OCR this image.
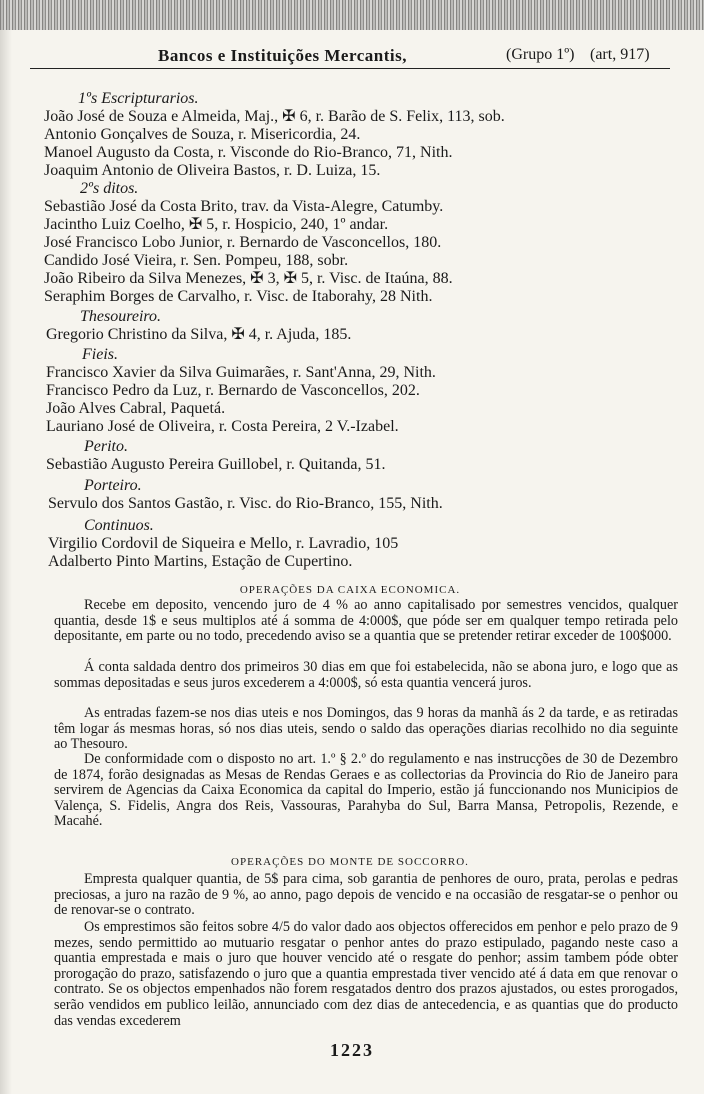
Bancos e Instituições Mercantis,	(Grupo 1º) (art, 917)
1ºs Escripturarios.
João José de Souza e Almeida, Maj., ✠ 6, r. Barão de S. Felix, 113, sob.
Antonio Gonçalves de Souza, r. Misericordia, 24.
Manoel Augusto da Costa, r. Visconde do Rio-Branco, 71, Nith.
Joaquim Antonio de Oliveira Bastos, r. D. Luiza, 15.
2ºs ditos.
Sebastião José da Costa Brito, trav. da Vista-Alegre, Catumby.
Jacintho Luiz Coelho, ✠ 5, r. Hospicio, 240, 1º andar.
José Francisco Lobo Junior, r. Bernardo de Vasconcellos, 180.
Candido José Vieira, r. Sen. Pompeu, 188, sobr.
João Ribeiro da Silva Menezes, ✠ 3, ✠ 5, r. Visc. de Itaúna, 88.
Seraphim Borges de Carvalho, r. Visc. de Itaborahy, 28 Nith.
Thesoureiro.
Gregorio Christino da Silva, ✠ 4, r. Ajuda, 185.
Fieis.
Francisco Xavier da Silva Guimarães, r. Sant'Anna, 29, Nith.
Francisco Pedro da Luz, r. Bernardo de Vasconcellos, 202.
João Alves Cabral, Paquetá.
Lauriano José de Oliveira, r. Costa Pereira, 2 V.-Izabel.
Perito.
Sebastião Augusto Pereira Guillobel, r. Quitanda, 51.
Porteiro.
Servulo dos Santos Gastão, r. Visc. do Rio-Branco, 155, Nith.
Continuos.
Virgilio Cordovil de Siqueira e Mello, r. Lavradio, 105
Adalberto Pinto Martins, Estação de Cupertino.
OPERAÇÕES DA CAIXA ECONOMICA.

Recebe em deposito, vencendo juro de 4 % ao anno capitalisado por semestres vencidos, qualquer quantia, desde 1$ e seus multiplos até á somma de 4:000$, que póde ser em qualquer tempo retirada pelo depositante, em parte ou no todo, precedendo aviso se a quantia que se pretender retirar exceder de 100$000.

Á conta saldada dentro dos primeiros 30 dias em que foi estabelecida, não se abona juro, e logo que as sommas depositadas e seus juros excederem a 4:000$, só esta quantia vencerá juros.

As entradas fazem-se nos dias uteis e nos Domingos, das 9 horas da manhã ás 2 da tarde, e as retiradas têm logar ás mesmas horas, só nos dias uteis, sendo o saldo das operações diarias recolhido no dia seguinte ao Thesouro.

De conformidade com o disposto no art. 1.º § 2.º do regulamento e nas instrucções de 30 de Dezembro de 1874, forão designadas as Mesas de Rendas Geraes e as collectorias da Provincia do Rio de Janeiro para servirem de Agencias da Caixa Economica da capital do Imperio, estão já funccionando nos Municipios de Valença, S. Fidelis, Angra dos Reis, Vassouras, Parahyba do Sul, Barra Mansa, Petropolis, Rezende, e Macahé.

OPERAÇÕES DO MONTE DE SOCCORRO.

Empresta qualquer quantia, de 5$ para cima, sob garantia de penhores de ouro, prata, perolas e pedras preciosas, a juro na razão de 9 %, ao anno, pago depois de vencido e na occasião de resgatar-se o penhor ou de renovar-se o contrato.

Os emprestimos são feitos sobre 4/5 do valor dado aos objectos offerecidos em penhor e pelo prazo de 9 mezes, sendo permittido ao mutuario resgatar o penhor antes do prazo estipulado, pagando neste caso a quantia emprestada e mais o juro que houver vencido até o resgate do penhor; assim tambem póde obter prorogação do prazo, satisfazendo o juro que a quantia emprestada tiver vencido até á data em que renovar o contrato. Se os objectos empenhados não forem resgatados dentro dos prazos ajustados, ou estes prorogados, serão vendidos em publico leilão, annunciado com dez dias de antecedencia, e as quantias que do producto das vendas excederem

1223
